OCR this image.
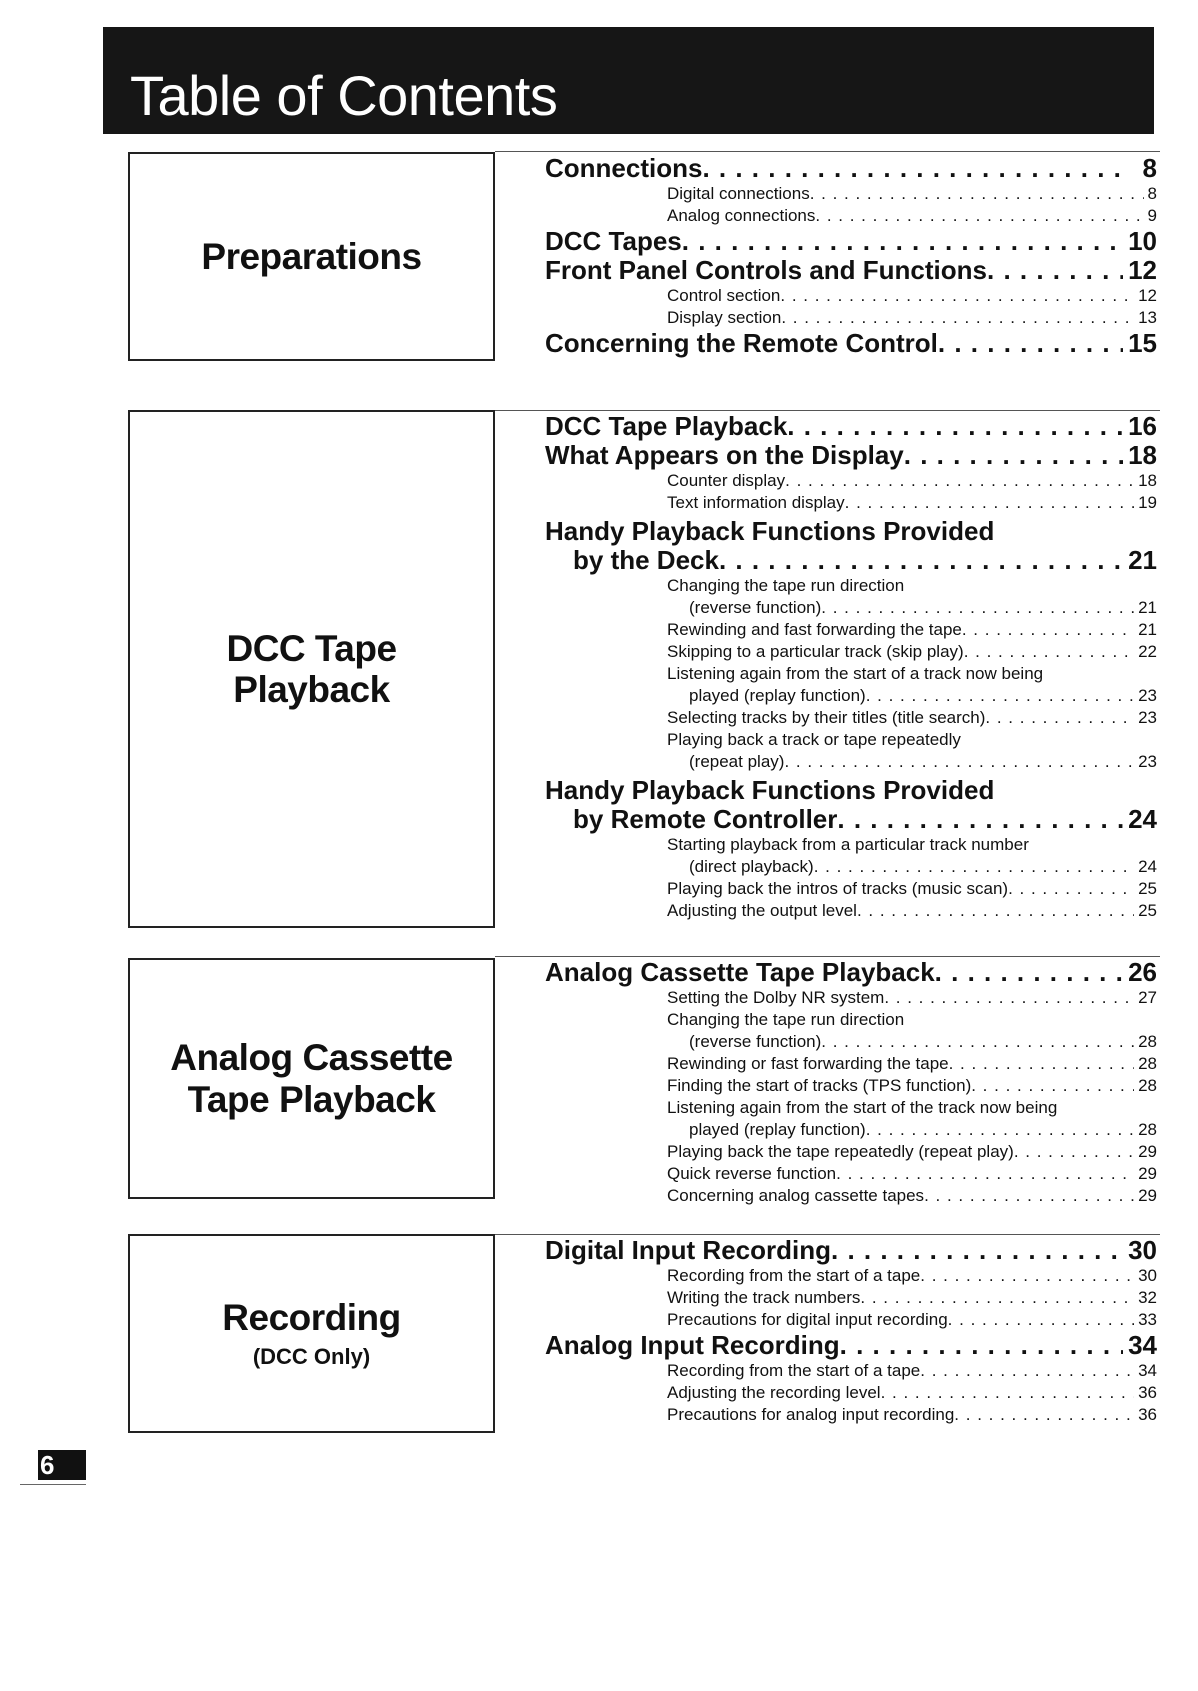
Table of Contents
Preparations
Connections . . .	8
Digital connections . . .	8
Analog connections . . .	9
DCC Tapes . . .	10
Front Panel Controls and Functions . . .	12
Control section . . .	12
Display section . . .	13
Concerning the Remote Control . . .	15
DCC Tape
Playback
DCC Tape Playback . . .	16
What Appears on the Display . . .	18
Counter display . . .	18
Text information display . . .	19
Handy Playback Functions Provided
by the Deck . . .	21
Changing the tape run direction
(reverse function) . . .	21
Rewinding and fast forwarding the tape . . .	21
Skipping to a particular track (skip play) . . .	22
Listening again from the start of a track now being
played (replay function) . . .	23
Selecting tracks by their titles (title search) . . .	23
Playing back a track or tape repeatedly
(repeat play) . . .	23
Handy Playback Functions Provided
by Remote Controller . . .	24
Starting playback from a particular track number
(direct playback) . . .	24
Playing back the intros of tracks (music scan) . . .	25
Adjusting the output level . . .	25
Analog Cassette
Tape Playback
Analog Cassette Tape Playback . . .	26
Setting the Dolby NR system . . .	27
Changing the tape run direction
(reverse function) . . .	28
Rewinding or fast forwarding the tape . . .	28
Finding the start of tracks (TPS function) . . .	28
Listening again from the start of the track now being
played (replay function) . . .	28
Playing back the tape repeatedly (repeat play) . . .	29
Quick reverse function . . .	29
Concerning analog cassette tapes . . .	29
Recording
(DCC Only)
Digital Input Recording . . .	30
Recording from the start of a tape . . .	30
Writing the track numbers . . .	32
Precautions for digital input recording . . .	33
Analog Input Recording . . .	34
Recording from the start of a tape . . .	34
Adjusting the recording level . . .	36
Precautions for analog input recording . . .	36
6
